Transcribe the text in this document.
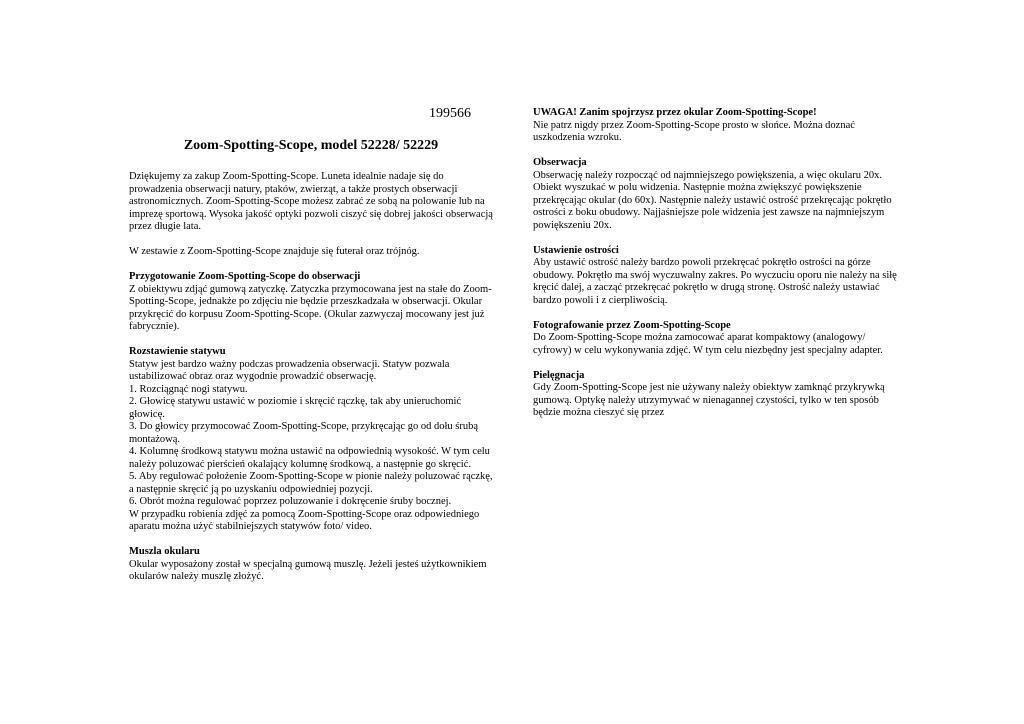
199566
Zoom-Spotting-Scope, model 52228/ 52229

Dziękujemy za zakup Zoom-Spotting-Scope. Luneta idealnie nadaje się do prowadzenia obserwacji natury, ptaków, zwierząt, a także prostych obserwacji astronomicznych. Zoom-Spotting-Scope możesz zabrać ze sobą na polowanie lub na imprezę sportową. Wysoka jakość optyki pozwoli ciszyć się dobrej jakości obserwacją przez długie lata.

W zestawie z Zoom-Spotting-Scope znajduje się futerał oraz trójnóg.

Przygotowanie Zoom-Spotting-Scope do obserwacji
Z obiektywu zdjąć gumową zatyczkę. Zatyczka przymocowana jest na stałe do Zoom-Spotting-Scope, jednakże po zdjęciu nie będzie przeszkadzała w obserwacji. Okular przykręcić do korpusu Zoom-Spotting-Scope. (Okular zazwyczaj mocowany jest już fabrycznie).

Rozstawienie statywu
Statyw jest bardzo ważny podczas prowadzenia obserwacji. Statyw pozwala ustabilizować obraz oraz wygodnie prowadzić obserwację.
1. Rozciągnąć nogi statywu.
2. Głowicę statywu ustawić w poziomie i skręcić rączkę, tak aby unieruchomić głowicę.
3. Do głowicy przymocować Zoom-Spotting-Scope, przykręcając go od dołu śrubą montażową.
4. Kolumnę środkową statywu można ustawić na odpowiednią wysokość. W tym celu należy poluzować pierścień okalający kolumnę środkową, a następnie go skręcić.
5. Aby regulować położenie Zoom-Spotting-Scope w pionie należy poluzować rączkę, a następnie skręcić ją po uzyskaniu odpowiedniej pozycji.
6. Obrót można regulować poprzez poluzowanie i dokręcenie śruby bocznej.
W przypadku robienia zdjęć za pomocą Zoom-Spotting-Scope oraz odpowiedniego aparatu można użyć stabilniejszych statywów foto/ video.

Muszla okularu
Okular wyposażony został w specjalną gumową muszlę. Jeżeli jesteś użytkownikiem okularów należy muszlę złożyć.

UWAGA! Zanim spojrzysz przez okular Zoom-Spotting-Scope!
Nie patrz nigdy przez Zoom-Spotting-Scope prosto w słońce. Można doznać uszkodzenia wzroku.

Obserwacja
Obserwację należy rozpocząć od najmniejszego powiększenia, a więc okularu 20x. Obiekt wyszukać w polu widzenia. Następnie można zwiększyć powiększenie przekręcając okular (do 60x). Następnie należy ustawić ostrość przekręcając pokrętło ostrości z boku obudowy. Najjaśniejsze pole widzenia jest zawsze na najmniejszym powiększeniu 20x.

Ustawienie ostrości
Aby ustawić ostrość należy bardzo powoli przekręcać pokrętło ostrości na górze obudowy. Pokrętło ma swój wyczuwalny zakres. Po wyczuciu oporu nie należy na siłę kręcić dalej, a zacząć przekręcać pokrętło w drugą stronę. Ostrość należy ustawiać bardzo powoli i z cierpliwością.

Fotografowanie przez Zoom-Spotting-Scope
Do Zoom-Spotting-Scope można zamocować aparat kompaktowy (analogowy/ cyfrowy) w celu wykonywania zdjęć. W tym celu niezbędny jest specjalny adapter.

Pielęgnacja
Gdy Zoom-Spotting-Scope jest nie używany należy obiektyw zamknąć przykrywką gumową. Optykę należy utrzymywać w nienagannej czystości, tylko w ten sposób będzie można cieszyć się przez
